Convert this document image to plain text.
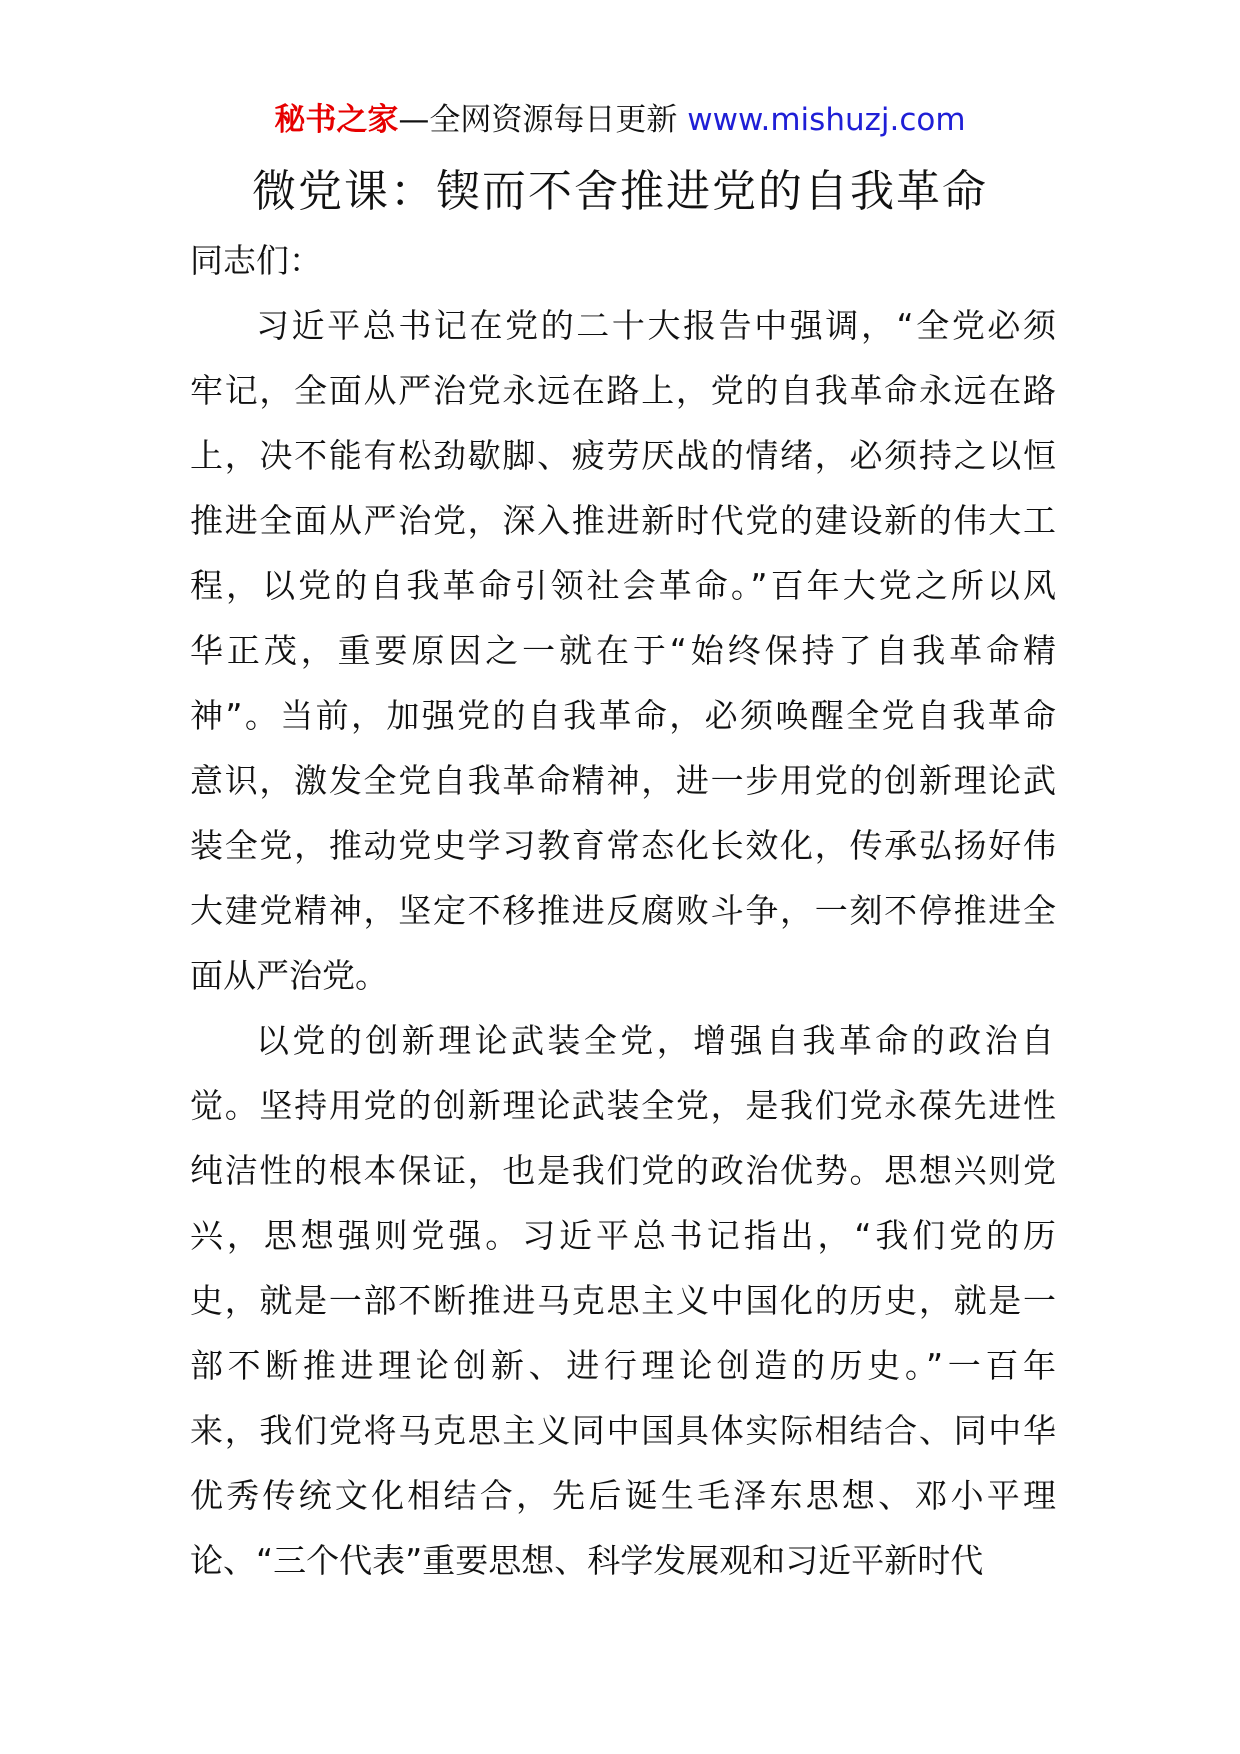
秘书之家—全网资源每日更新 www.mishuzj.com
微党课：锲而不舍推进党的自我革命

同志们：

习近平总书记在党的二十大报告中强调，“全党必须
牢记，全面从严治党永远在路上，党的自我革命永远在路
上，决不能有松劲歇脚、疲劳厌战的情绪，必须持之以恒
推进全面从严治党，深入推进新时代党的建设新的伟大工
程，以党的自我革命引领社会革命。”百年大党之所以风
华正茂，重要原因之一就在于“始终保持了自我革命精
神”。当前，加强党的自我革命，必须唤醒全党自我革命
意识，激发全党自我革命精神，进一步用党的创新理论武
装全党，推动党史学习教育常态化长效化，传承弘扬好伟
大建党精神，坚定不移推进反腐败斗争，一刻不停推进全
面从严治党。

以党的创新理论武装全党，增强自我革命的政治自
觉。坚持用党的创新理论武装全党，是我们党永葆先进性
纯洁性的根本保证，也是我们党的政治优势。思想兴则党
兴，思想强则党强。习近平总书记指出，“我们党的历
史，就是一部不断推进马克思主义中国化的历史，就是一
部不断推进理论创新、进行理论创造的历史。”一百年
来，我们党将马克思主义同中国具体实际相结合、同中华
优秀传统文化相结合，先后诞生毛泽东思想、邓小平理
论、“三个代表”重要思想、科学发展观和习近平新时代
